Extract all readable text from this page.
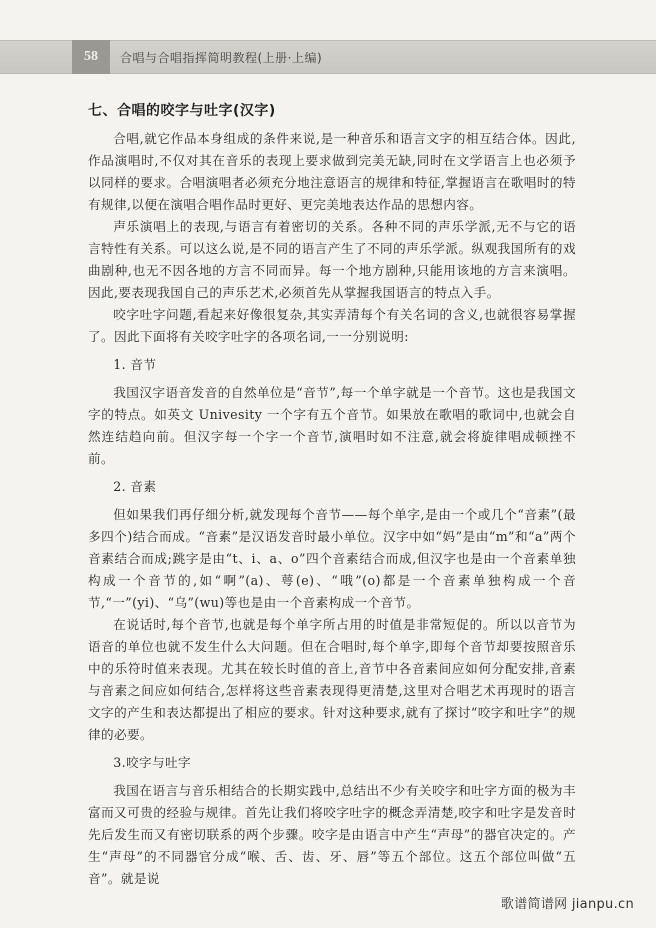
58	合唱与合唱指挥简明教程(上册·上编)
七、合唱的咬字与吐字(汉字)

合唱,就它作品本身组成的条件来说,是一种音乐和语言文字的相互结合体。因此,作品演唱时,不仅对其在音乐的表现上要求做到完美无缺,同时在文学语言上也必须予以同样的要求。合唱演唱者必须充分地注意语言的规律和特征,掌握语言在歌唱时的特有规律,以便在演唱合唱作品时更好、更完美地表达作品的思想内容。

声乐演唱上的表现,与语言有着密切的关系。各种不同的声乐学派,无不与它的语言特性有关系。可以这么说,是不同的语言产生了不同的声乐学派。纵观我国所有的戏曲剧种,也无不因各地的方言不同而异。每一个地方剧种,只能用该地的方言来演唱。因此,要表现我国自己的声乐艺术,必须首先从掌握我国语言的特点入手。

咬字吐字问题,看起来好像很复杂,其实弄清每个有关名词的含义,也就很容易掌握了。因此下面将有关咬字吐字的各项名词,一一分别说明:

1. 音节

我国汉字语音发音的自然单位是“音节”,每一个单字就是一个音节。这也是我国文字的特点。如英文 Univesity 一个字有五个音节。如果放在歌唱的歌词中,也就会自然连结趋向前。但汉字每一个字一个音节,演唱时如不注意,就会将旋律唱成顿挫不前。

2. 音素

但如果我们再仔细分析,就发现每个音节——每个单字,是由一个或几个“音素”(最多四个)结合而成。“音素”是汉语发音时最小单位。汉字中如“妈”是由“m”和“a”两个音素结合而成;跳字是由“t、i、a、o”四个音素结合而成,但汉字也是由一个音素单独构成一个音节的,如“啊”(a)、萼(e)、“哦”(o)都是一个音素单独构成一个音节,“一”(yi)、“乌”(wu)等也是由一个音素构成一个音节。

在说话时,每个音节,也就是每个单字所占用的时值是非常短促的。所以以音节为语音的单位也就不发生什么大问题。但在合唱时,每个单字,即每个音节却要按照音乐中的乐符时值来表现。尤其在较长时值的音上,音节中各音素间应如何分配安排,音素与音素之间应如何结合,怎样将这些音素表现得更清楚,这里对合唱艺术再现时的语言文字的产生和表达都提出了相应的要求。针对这种要求,就有了探讨“咬字和吐字”的规律的必要。

3.咬字与吐字

我国在语言与音乐相结合的长期实践中,总结出不少有关咬字和吐字方面的极为丰富而又可贵的经验与规律。首先让我们将咬字吐字的概念弄清楚,咬字和吐字是发音时先后发生而又有密切联系的两个步骤。咬字是由语言中产生“声母”的器官决定的。产生“声母”的不同器官分成“喉、舌、齿、牙、唇”等五个部位。这五个部位叫做“五音”。就是说

歌谱简谱网 jianpu.cn
